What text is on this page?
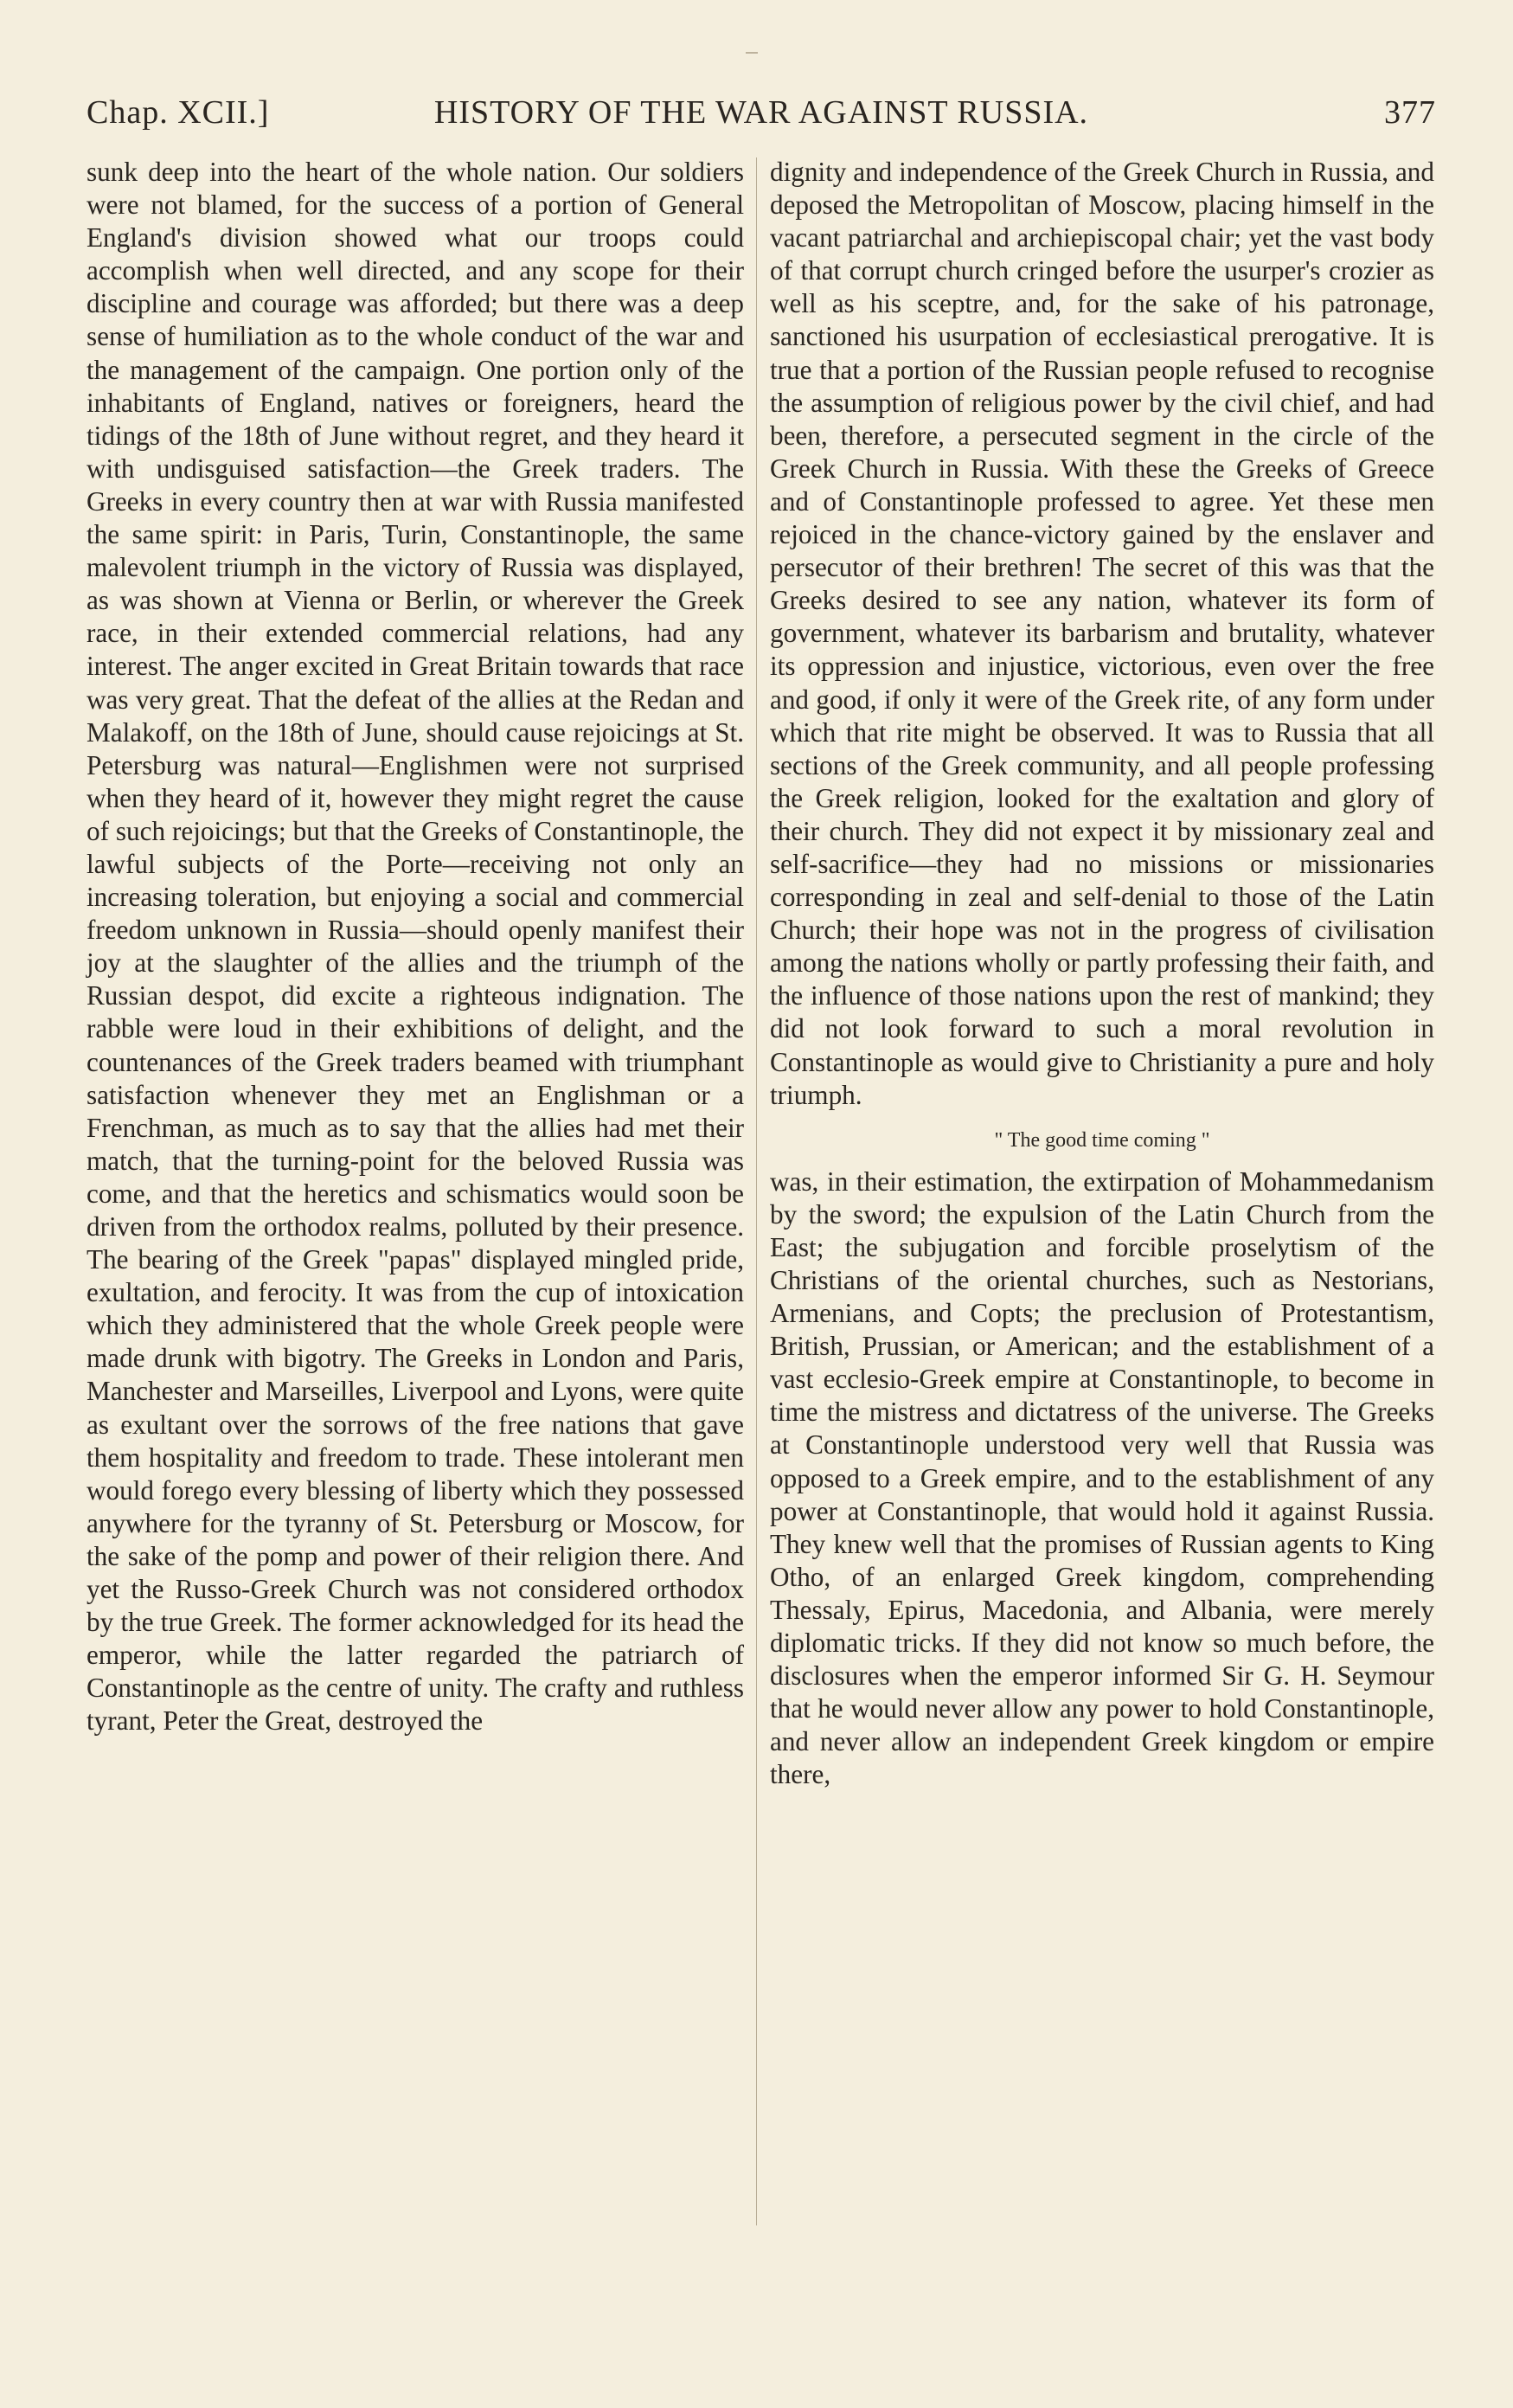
Chap. XCII.]	HISTORY OF THE WAR AGAINST RUSSIA.	377

sunk deep into the heart of the whole nation. Our soldiers were not blamed, for the success of a portion of General England's division showed what our troops could accomplish when well directed, and any scope for their discipline and courage was afforded; but there was a deep sense of humiliation as to the whole conduct of the war and the management of the campaign. One portion only of the inhabitants of England, natives or foreigners, heard the tidings of the 18th of June without regret, and they heard it with undisguised satisfaction—the Greek traders. The Greeks in every country then at war with Russia manifested the same spirit: in Paris, Turin, Constantinople, the same malevolent triumph in the victory of Russia was displayed, as was shown at Vienna or Berlin, or wherever the Greek race, in their extended commercial relations, had any interest. The anger excited in Great Britain towards that race was very great. That the defeat of the allies at the Redan and Malakoff, on the 18th of June, should cause rejoicings at St. Petersburg was natural—Englishmen were not surprised when they heard of it, however they might regret the cause of such rejoicings; but that the Greeks of Constantinople, the lawful subjects of the Porte—receiving not only an increasing toleration, but enjoying a social and commercial freedom unknown in Russia—should openly manifest their joy at the slaughter of the allies and the triumph of the Russian despot, did excite a righteous indignation. The rabble were loud in their exhibitions of delight, and the countenances of the Greek traders beamed with triumphant satisfaction whenever they met an Englishman or a Frenchman, as much as to say that the allies had met their match, that the turning-point for the beloved Russia was come, and that the heretics and schismatics would soon be driven from the orthodox realms, polluted by their presence. The bearing of the Greek "papas" displayed mingled pride, exultation, and ferocity. It was from the cup of intoxication which they administered that the whole Greek people were made drunk with bigotry. The Greeks in London and Paris, Manchester and Marseilles, Liverpool and Lyons, were quite as exultant over the sorrows of the free nations that gave them hospitality and freedom to trade. These intolerant men would forego every blessing of liberty which they possessed anywhere for the tyranny of St. Petersburg or Moscow, for the sake of the pomp and power of their religion there. And yet the Russo-Greek Church was not considered orthodox by the true Greek. The former acknowledged for its head the emperor, while the latter regarded the patriarch of Constantinople as the centre of unity. The crafty and ruthless tyrant, Peter the Great, destroyed the

dignity and independence of the Greek Church in Russia, and deposed the Metropolitan of Moscow, placing himself in the vacant patriarchal and archiepiscopal chair; yet the vast body of that corrupt church cringed before the usurper's crozier as well as his sceptre, and, for the sake of his patronage, sanctioned his usurpation of ecclesiastical prerogative. It is true that a portion of the Russian people refused to recognise the assumption of religious power by the civil chief, and had been, therefore, a persecuted segment in the circle of the Greek Church in Russia. With these the Greeks of Greece and of Constantinople professed to agree. Yet these men rejoiced in the chance-victory gained by the enslaver and persecutor of their brethren! The secret of this was that the Greeks desired to see any nation, whatever its form of government, whatever its barbarism and brutality, whatever its oppression and injustice, victorious, even over the free and good, if only it were of the Greek rite, of any form under which that rite might be observed. It was to Russia that all sections of the Greek community, and all people professing the Greek religion, looked for the exaltation and glory of their church. They did not expect it by missionary zeal and self-sacrifice—they had no missions or missionaries corresponding in zeal and self-denial to those of the Latin Church; their hope was not in the progress of civilisation among the nations wholly or partly professing their faith, and the influence of those nations upon the rest of mankind; they did not look forward to such a moral revolution in Constantinople as would give to Christianity a pure and holy triumph.

" The good time coming "

was, in their estimation, the extirpation of Mohammedanism by the sword; the expulsion of the Latin Church from the East; the subjugation and forcible proselytism of the Christians of the oriental churches, such as Nestorians, Armenians, and Copts; the preclusion of Protestantism, British, Prussian, or American; and the establishment of a vast ecclesio-Greek empire at Constantinople, to become in time the mistress and dictatress of the universe. The Greeks at Constantinople understood very well that Russia was opposed to a Greek empire, and to the establishment of any power at Constantinople, that would hold it against Russia. They knew well that the promises of Russian agents to King Otho, of an enlarged Greek kingdom, comprehending Thessaly, Epirus, Macedonia, and Albania, were merely diplomatic tricks. If they did not know so much before, the disclosures when the emperor informed Sir G. H. Seymour that he would never allow any power to hold Constantinople, and never allow an independent Greek kingdom or empire there,
